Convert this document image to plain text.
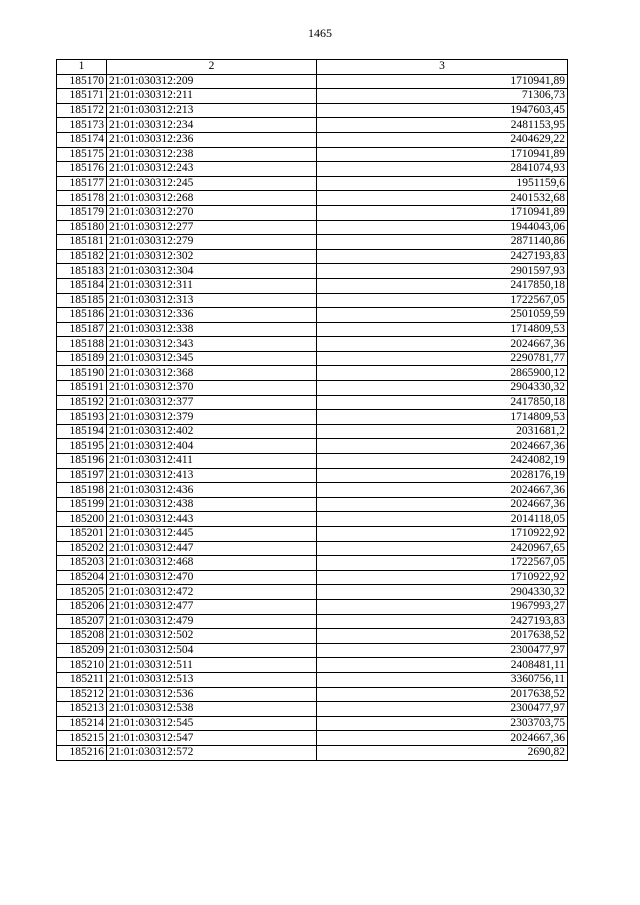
1465
1	2	3
185170	21:01:030312:209	1710941,89
185171	21:01:030312:211	71306,73
185172	21:01:030312:213	1947603,45
185173	21:01:030312:234	2481153,95
185174	21:01:030312:236	2404629,22
185175	21:01:030312:238	1710941,89
185176	21:01:030312:243	2841074,93
185177	21:01:030312:245	1951159,6
185178	21:01:030312:268	2401532,68
185179	21:01:030312:270	1710941,89
185180	21:01:030312:277	1944043,06
185181	21:01:030312:279	2871140,86
185182	21:01:030312:302	2427193,83
185183	21:01:030312:304	2901597,93
185184	21:01:030312:311	2417850,18
185185	21:01:030312:313	1722567,05
185186	21:01:030312:336	2501059,59
185187	21:01:030312:338	1714809,53
185188	21:01:030312:343	2024667,36
185189	21:01:030312:345	2290781,77
185190	21:01:030312:368	2865900,12
185191	21:01:030312:370	2904330,32
185192	21:01:030312:377	2417850,18
185193	21:01:030312:379	1714809,53
185194	21:01:030312:402	2031681,2
185195	21:01:030312:404	2024667,36
185196	21:01:030312:411	2424082,19
185197	21:01:030312:413	2028176,19
185198	21:01:030312:436	2024667,36
185199	21:01:030312:438	2024667,36
185200	21:01:030312:443	2014118,05
185201	21:01:030312:445	1710922,92
185202	21:01:030312:447	2420967,65
185203	21:01:030312:468	1722567,05
185204	21:01:030312:470	1710922,92
185205	21:01:030312:472	2904330,32
185206	21:01:030312:477	1967993,27
185207	21:01:030312:479	2427193,83
185208	21:01:030312:502	2017638,52
185209	21:01:030312:504	2300477,97
185210	21:01:030312:511	2408481,11
185211	21:01:030312:513	3360756,11
185212	21:01:030312:536	2017638,52
185213	21:01:030312:538	2300477,97
185214	21:01:030312:545	2303703,75
185215	21:01:030312:547	2024667,36
185216	21:01:030312:572	2690,82
